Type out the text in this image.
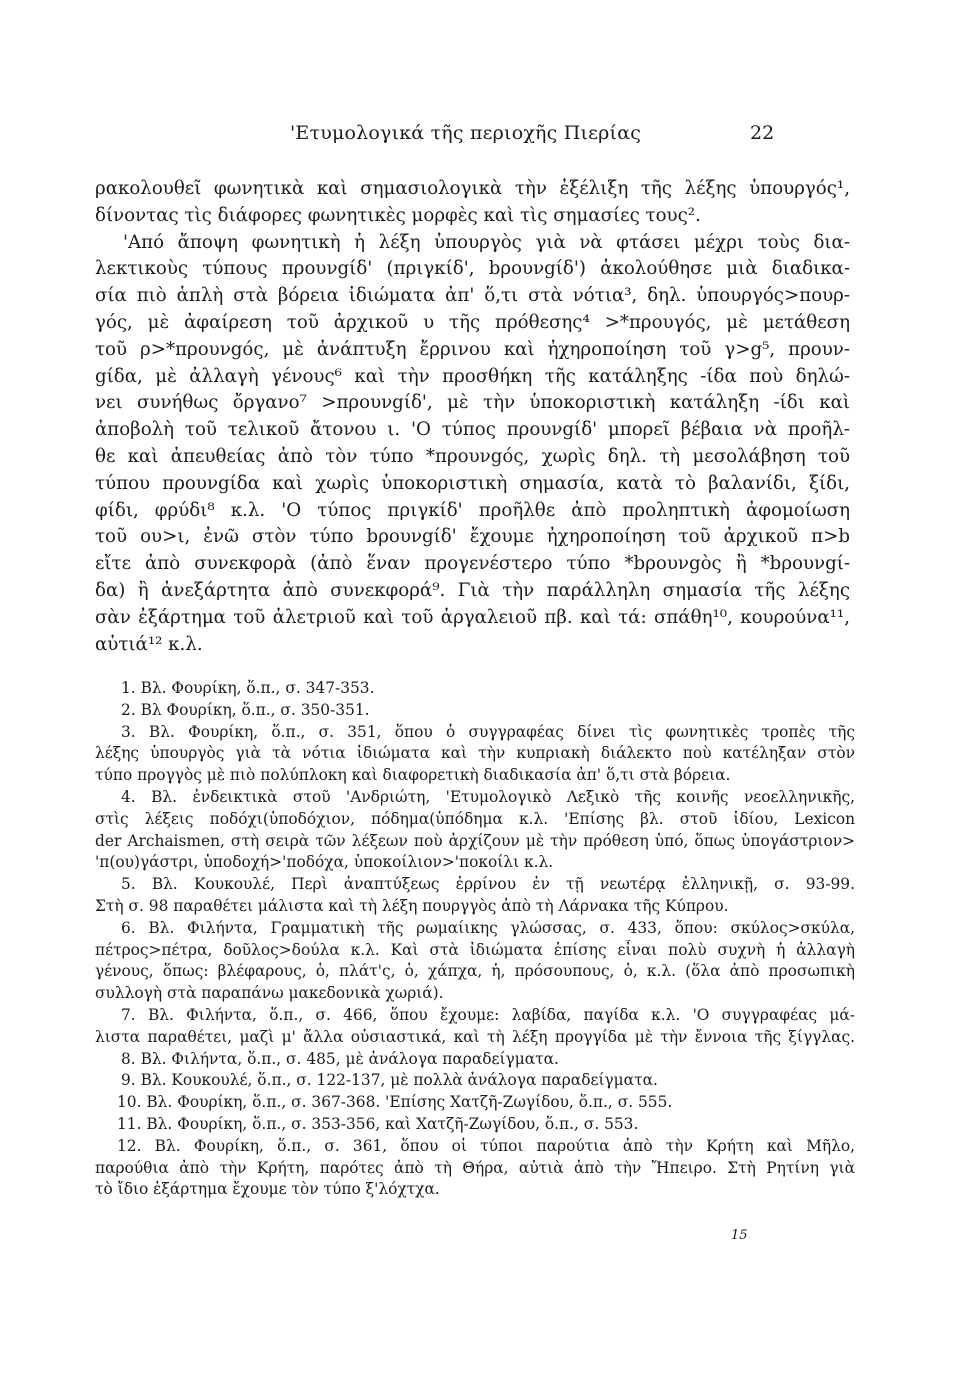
'Ετυμολογικά τῆς περιοχῆς Πιερίας	22
ρακολουθεῖ φωνητικὰ καὶ σημασιολογικὰ τὴν ἐξέλιξη τῆς λέξης ὑπουργός¹,
δίνοντας τὶς διάφορες φωνητικὲς μορφὲς καὶ τὶς σημασίες τους².
'Από ἄποψη φωνητικὴ ἡ λέξη ὑπουργὸς γιὰ νὰ φτάσει μέχρι τοὺς δια-
λεκτικοὺς τύπους προυνgίδ' (πριγκίδ', bρουνgίδ') ἀκολούθησε μιὰ διαδικα-
σία πιὸ ἁπλὴ στὰ βόρεια ἰδιώματα ἀπ' ὅ,τι στὰ νότια³, δηλ. ὑπουργός>πουρ-
γός, μὲ ἀφαίρεση τοῦ ἀρχικοῦ υ τῆς πρόθεσης⁴ >*προυγός, μὲ μετάθεση
τοῦ ρ>*προυνgός, μὲ ἀνάπτυξη ἔρρινου καὶ ἠχηροποίηση τοῦ γ>g⁵, προυν-
gίδα, μὲ ἀλλαγὴ γένους⁶ καὶ τὴν προσθήκη τῆς κατάληξης -ίδα ποὺ δηλώ-
νει συνήθως ὄργανο⁷ >προυνgίδ', μὲ τὴν ὑποκοριστικὴ κατάληξη -ίδι καὶ
ἀποβολὴ τοῦ τελικοῦ ἄτονου ι. 'Ο τύπος προυνgίδ' μπορεῖ βέβαια νὰ προῆλ-
θε καὶ ἀπευθείας ἀπὸ τὸν τύπο *προυνgός, χωρὶς δηλ. τὴ μεσολάβηση τοῦ
τύπου προυνgίδα καὶ χωρὶς ὑποκοριστικὴ σημασία, κατὰ τὸ βαλανίδι, ξίδι,
φίδι, φρύδι⁸ κ.λ. 'Ο τύπος πριγκίδ' προῆλθε ἀπὸ προληπτικὴ ἀφομοίωση
τοῦ ου>ι, ἐνῶ στὸν τύπο bρουνgίδ' ἔχουμε ἠχηροποίηση τοῦ ἀρχικοῦ π>b
εἴτε ἀπὸ συνεκφορὰ (ἀπὸ ἕναν προγενέστερο τύπο *bρουνgὸς ἢ *bρουνgί-
δα) ἢ ἀνεξάρτητα ἀπὸ συνεκφορά⁹. Γιὰ τὴν παράλληλη σημασία τῆς λέξης
σὰν ἐξάρτημα τοῦ ἀλετριοῦ καὶ τοῦ ἀργαλειοῦ πβ. καὶ τά: σπάθη¹⁰, κουρούνα¹¹,
αὐτιά¹² κ.λ.
1. Βλ. Φουρίκη, ὅ.π., σ. 347-353.
2. Βλ Φουρίκη, ὅ.π., σ. 350-351.
3. Βλ. Φουρίκη, ὅ.π., σ. 351, ὅπου ὁ συγγραφέας δίνει τὶς φωνητικὲς τροπὲς τῆς
λέξης ὑπουργὸς γιὰ τὰ νότια ἰδιώματα καὶ τὴν κυπριακὴ διάλεκτο ποὺ κατέληξαν στὸν
τύπο προγγὸς μὲ πιὸ πολύπλοκη καὶ διαφορετικὴ διαδικασία ἀπ' ὅ,τι στὰ βόρεια.
4. Βλ. ἐνδεικτικὰ στοῦ 'Ανδριώτη, 'Ετυμολογικὸ Λεξικὸ τῆς κοινῆς νεοελληνικῆς,
στὶς λέξεις ποδόχι(ὑποδόχιον, πόδημα(ὑπόδημα κ.λ. 'Επίσης βλ. στοῦ ἰδίου, Lexicon
der Archaismen, στὴ σειρὰ τῶν λέξεων ποὺ ἀρχίζουν μὲ τὴν πρόθεση ὑπό, ὅπως ὑπογάστριον>
'π(ου)γάστρι, ὑποδοχή>'ποδόχα, ὑποκοίλιον>'ποκοίλι κ.λ.
5. Βλ. Κουκουλέ, Περὶ ἀναπτύξεως ἐρρίνου ἐν τῇ νεωτέρᾳ ἑλληνικῇ, σ. 93-99.
Στὴ σ. 98 παραθέτει μάλιστα καὶ τὴ λέξη πουργγὸς ἀπὸ τὴ Λάρνακα τῆς Κύπρου.
6. Βλ. Φιλήντα, Γραμματικὴ τῆς ρωμαίικης γλώσσας, σ. 433, ὅπου: σκύλος>σκύλα,
πέτρος>πέτρα, δοῦλος>δούλα κ.λ. Καὶ στὰ ἰδιώματα ἐπίσης εἶναι πολὺ συχνὴ ἡ ἀλλαγὴ
γένους, ὅπως: βλέφαρους, ὁ, πλάτ'ς, ὁ, χάπχα, ἡ, πρόσουπους, ὁ, κ.λ. (ὅλα ἀπὸ προσωπικὴ
συλλογὴ στὰ παραπάνω μακεδονικὰ χωριά).
7. Βλ. Φιλήντα, ὅ.π., σ. 466, ὅπου ἔχουμε: λαβίδα, παγίδα κ.λ. 'Ο συγγραφέας μά-
λιστα παραθέτει, μαζὶ μ' ἄλλα οὐσιαστικά, καὶ τὴ λέξη προγγίδα μὲ τὴν ἔννοια τῆς ξίγγλας.
8. Βλ. Φιλήντα, ὅ.π., σ. 485, μὲ ἀνάλογα παραδείγματα.
9. Βλ. Κουκουλέ, ὅ.π., σ. 122-137, μὲ πολλὰ ἀνάλογα παραδείγματα.
10. Βλ. Φουρίκη, ὅ.π., σ. 367-368. 'Επίσης Χατζῆ-Ζωγίδου, ὅ.π., σ. 555.
11. Βλ. Φουρίκη, ὅ.π., σ. 353-356, καὶ Χατζῆ-Ζωγίδου, ὅ.π., σ. 553.
12. Βλ. Φουρίκη, ὅ.π., σ. 361, ὅπου οἱ τύποι παρούτια ἀπὸ τὴν Κρήτη καὶ Μῆλο,
παρούθια ἀπὸ τὴν Κρήτη, παρότες ἀπὸ τὴ Θήρα, αὐτιὰ ἀπὸ τὴν Ἤπειρο. Στὴ Ρητίνη γιὰ
τὸ ἴδιο ἐξάρτημα ἔχουμε τὸν τύπο ξ'λόχτχα.
15
